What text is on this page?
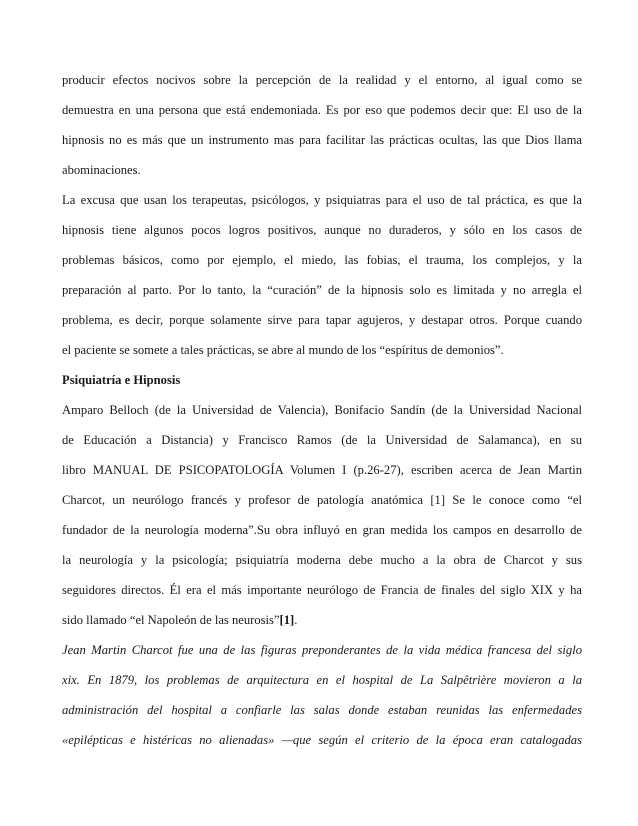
producir efectos nocivos sobre la percepción de la realidad y el entorno, al igual como se
demuestra en una persona que está endemoniada. Es por eso que podemos decir que: El uso de la
hipnosis no es más que un instrumento mas para facilitar las prácticas ocultas, las que Dios llama
abominaciones.
La excusa que usan los terapeutas, psicólogos, y psiquiatras para el uso de tal práctica, es que la
hipnosis tiene algunos pocos logros positivos, aunque no duraderos, y sólo en los casos de
problemas básicos, como por ejemplo, el miedo, las fobias, el trauma, los complejos, y la
preparación al parto. Por lo tanto, la “curación” de la hipnosis solo es limitada y no arregla el
problema, es decir, porque solamente sirve para tapar agujeros, y destapar otros. Porque cuando
el paciente se somete a tales prácticas, se abre al mundo de los “espíritus de demonios”.
Psiquiatría e Hipnosis
Amparo Belloch (de la Universidad de Valencia), Bonifacio Sandín (de la Universidad Nacional
de Educación a Distancia) y Francisco Ramos (de la Universidad de Salamanca), en su
libro MANUAL DE PSICOPATOLOGÍA Volumen I (p.26-27), escriben acerca de Jean Martin
Charcot, un neurólogo francés y profesor de patología anatómica [1] Se le conoce como “el
fundador de la neurología moderna”.Su obra influyó en gran medida los campos en desarrollo de
la neurología y la psicología; psiquiatría moderna debe mucho a la obra de Charcot y sus
seguidores directos. Él era el más importante neurólogo de Francia de finales del siglo XIX y ha
sido llamado “el Napoleón de las neurosis”[1].
Jean Martin Charcot fue una de las figuras preponderantes de la vida médica francesa del siglo
xix. En 1879, los problemas de arquitectura en el hospital de La Salpêtrière movieron a la
administración del hospital a confiarle las salas donde estaban reunidas las enfermedades
«epilépticas e histéricas no alienadas» —que según el criterio de la época eran catalogadas
